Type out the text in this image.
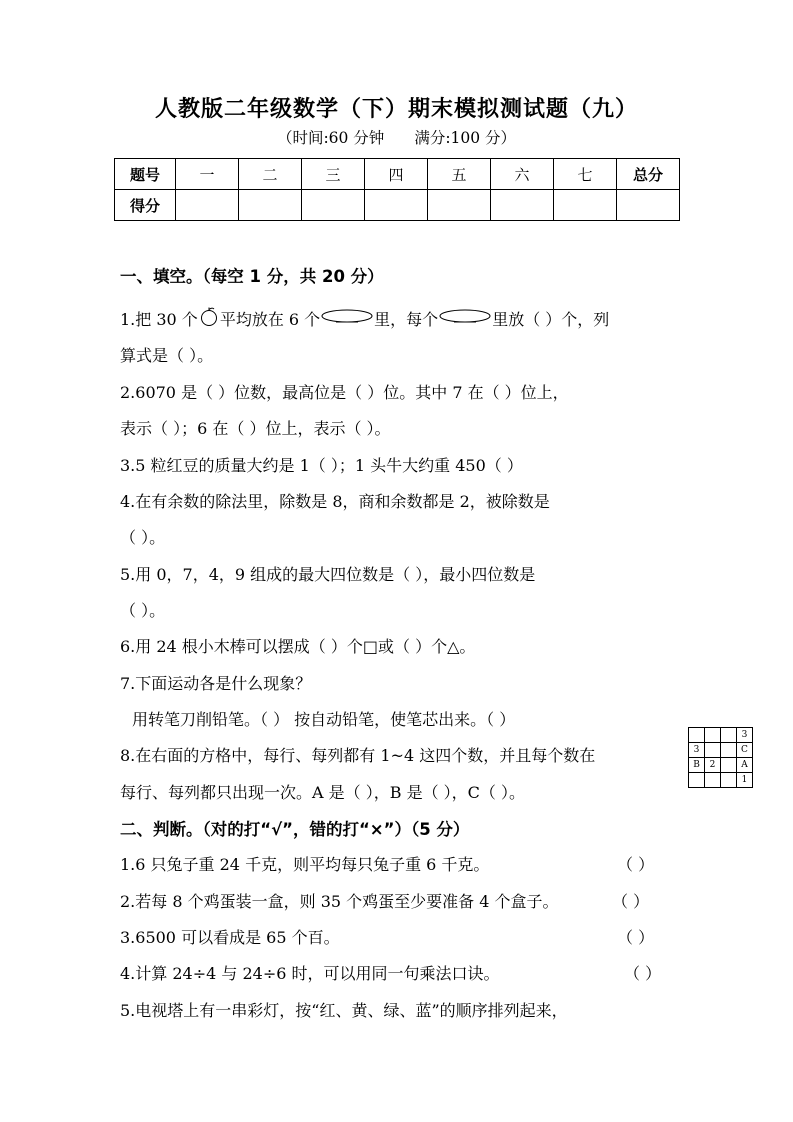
人教版二年级数学（下）期末模拟测试题（九）
（时间:60 分钟 满分:100 分）
题号	一	二	三	四	五	六	七	总分
得分								
一、填空。（每空 1 分，共 20 分）
1.把 30 个 平均放在 6 个	里，每个	里放（ ）个，列
算式是（ ）。
2.6070 是（ ）位数，最高位是（ ）位。其中 7 在（ ）位上，
表示（ ）；6 在（ ）位上，表示（ ）。
3.5 粒红豆的质量大约是 1（ ）；1 头牛大约重 450（ ）
4.在有余数的除法里，除数是 8，商和余数都是 2，被除数是
（ ）。
5.用 0，7，4，9 组成的最大四位数是（ ），最小四位数是
（ ）。
6.用 24 根小木棒可以摆成（ ）个□或（ ）个△。
7.下面运动各是什么现象？
用转笔刀削铅笔。（ ） 按自动铅笔，使笔芯出来。（ ）
8.在右面的方格中，每行、每列都有 1~4 这四个数，并且每个数在
每行、每列都只出现一次。A 是（ ），B 是（ ），C（ ）。
			3
3			C
B	2		A
			1
二、判断。（对的打“√”，错的打“×”）（5 分）
1.6 只兔子重 24 千克，则平均每只兔子重 6 千克。	（ ）
2.若每 8 个鸡蛋装一盒，则 35 个鸡蛋至少要准备 4 个盒子。	（ ）
3.6500 可以看成是 65 个百。	（ ）
4.计算 24÷4 与 24÷6 时，可以用同一句乘法口诀。	（ ）
5.电视塔上有一串彩灯，按“红、黄、绿、蓝”的顺序排列起来，
